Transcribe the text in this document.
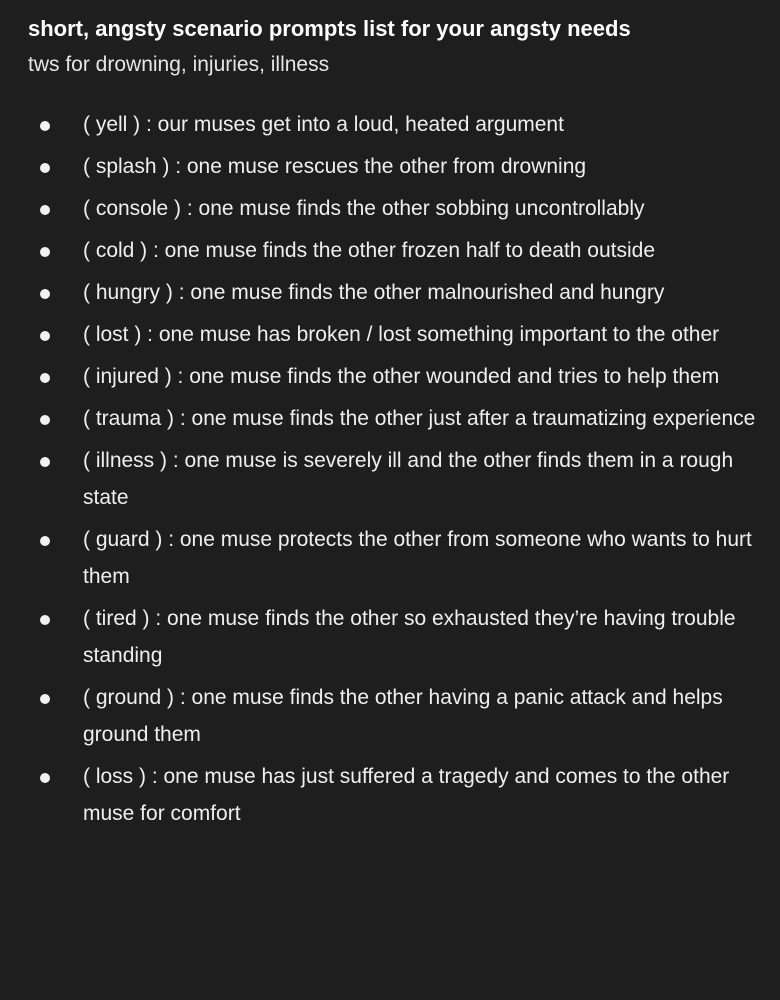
short, angsty scenario prompts list for your angsty needs
tws for drowning, injuries, illness
( yell ) : our muses get into a loud, heated argument
( splash ) : one muse rescues the other from drowning
( console ) : one muse finds the other sobbing uncontrollably
( cold ) : one muse finds the other frozen half to death outside
( hungry ) : one muse finds the other malnourished and hungry
( lost ) : one muse has broken / lost something important to the other
( injured ) : one muse finds the other wounded and tries to help them
( trauma ) : one muse finds the other just after a traumatizing experience
( illness ) : one muse is severely ill and the other finds them in a rough state
( guard ) : one muse protects the other from someone who wants to hurt them
( tired ) : one muse finds the other so exhausted they’re having trouble standing
( ground ) : one muse finds the other having a panic attack and helps ground them
( loss ) : one muse has just suffered a tragedy and comes to the other muse for comfort
